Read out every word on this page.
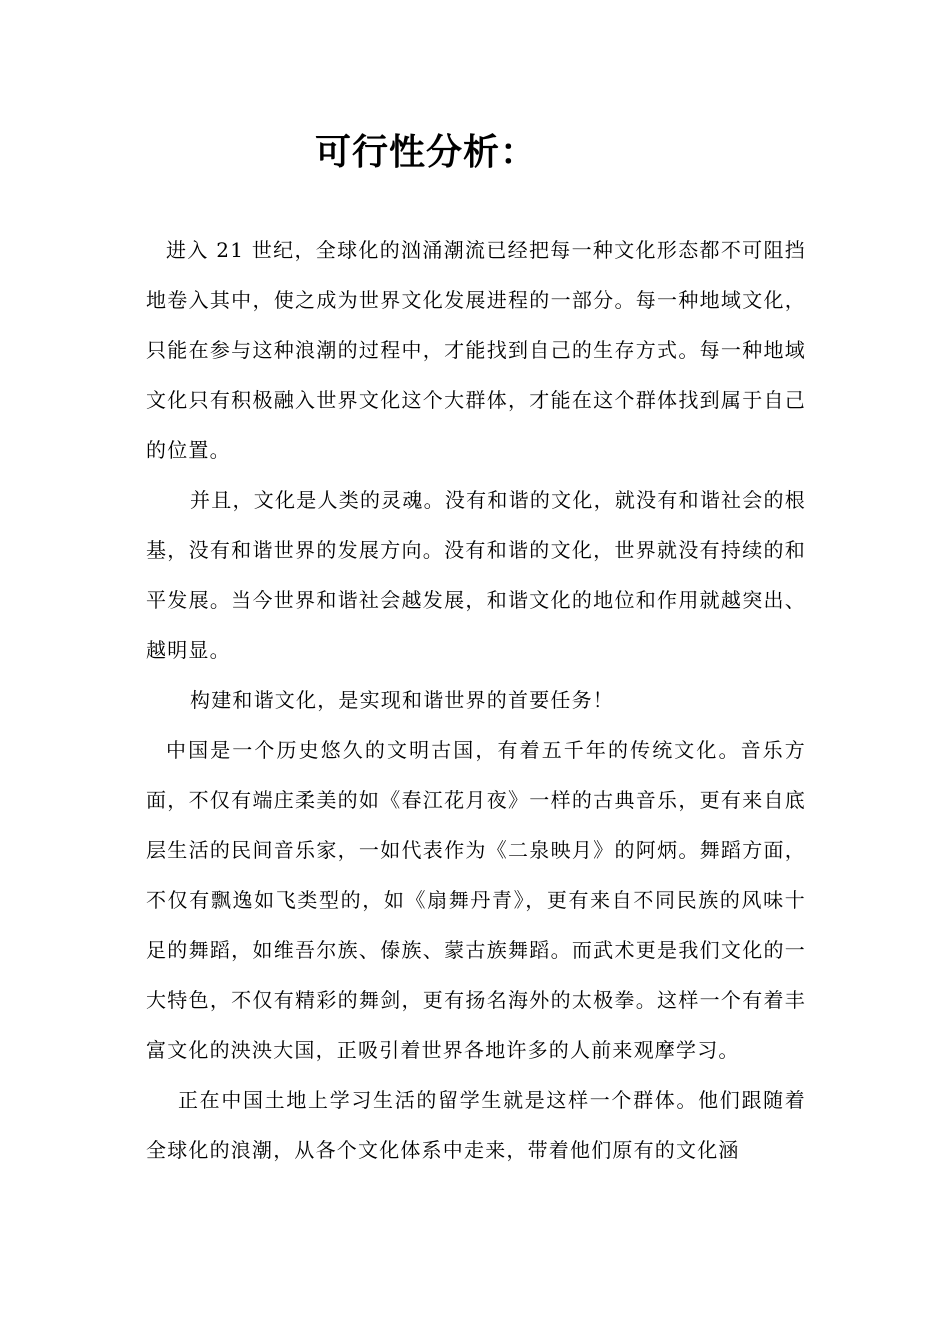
可行性分析：

进入 21 世纪，全球化的汹涌潮流已经把每一种文化形态都不可阻挡地卷入其中，使之成为世界文化发展进程的一部分。每一种地域文化，只能在参与这种浪潮的过程中，才能找到自己的生存方式。每一种地域文化只有积极融入世界文化这个大群体，才能在这个群体找到属于自己的位置。

并且，文化是人类的灵魂。没有和谐的文化，就没有和谐社会的根基，没有和谐世界的发展方向。没有和谐的文化，世界就没有持续的和平发展。当今世界和谐社会越发展，和谐文化的地位和作用就越突出、越明显。

构建和谐文化，是实现和谐世界的首要任务！

中国是一个历史悠久的文明古国，有着五千年的传统文化。音乐方面，不仅有端庄柔美的如《春江花月夜》一样的古典音乐，更有来自底层生活的民间音乐家，一如代表作为《二泉映月》的阿炳。舞蹈方面，不仅有飘逸如飞类型的，如《扇舞丹青》，更有来自不同民族的风味十足的舞蹈，如维吾尔族、傣族、蒙古族舞蹈。而武术更是我们文化的一大特色，不仅有精彩的舞剑，更有扬名海外的太极拳。这样一个有着丰富文化的泱泱大国，正吸引着世界各地许多的人前来观摩学习。

正在中国土地上学习生活的留学生就是这样一个群体。他们跟随着全球化的浪潮，从各个文化体系中走来，带着他们原有的文化涵
